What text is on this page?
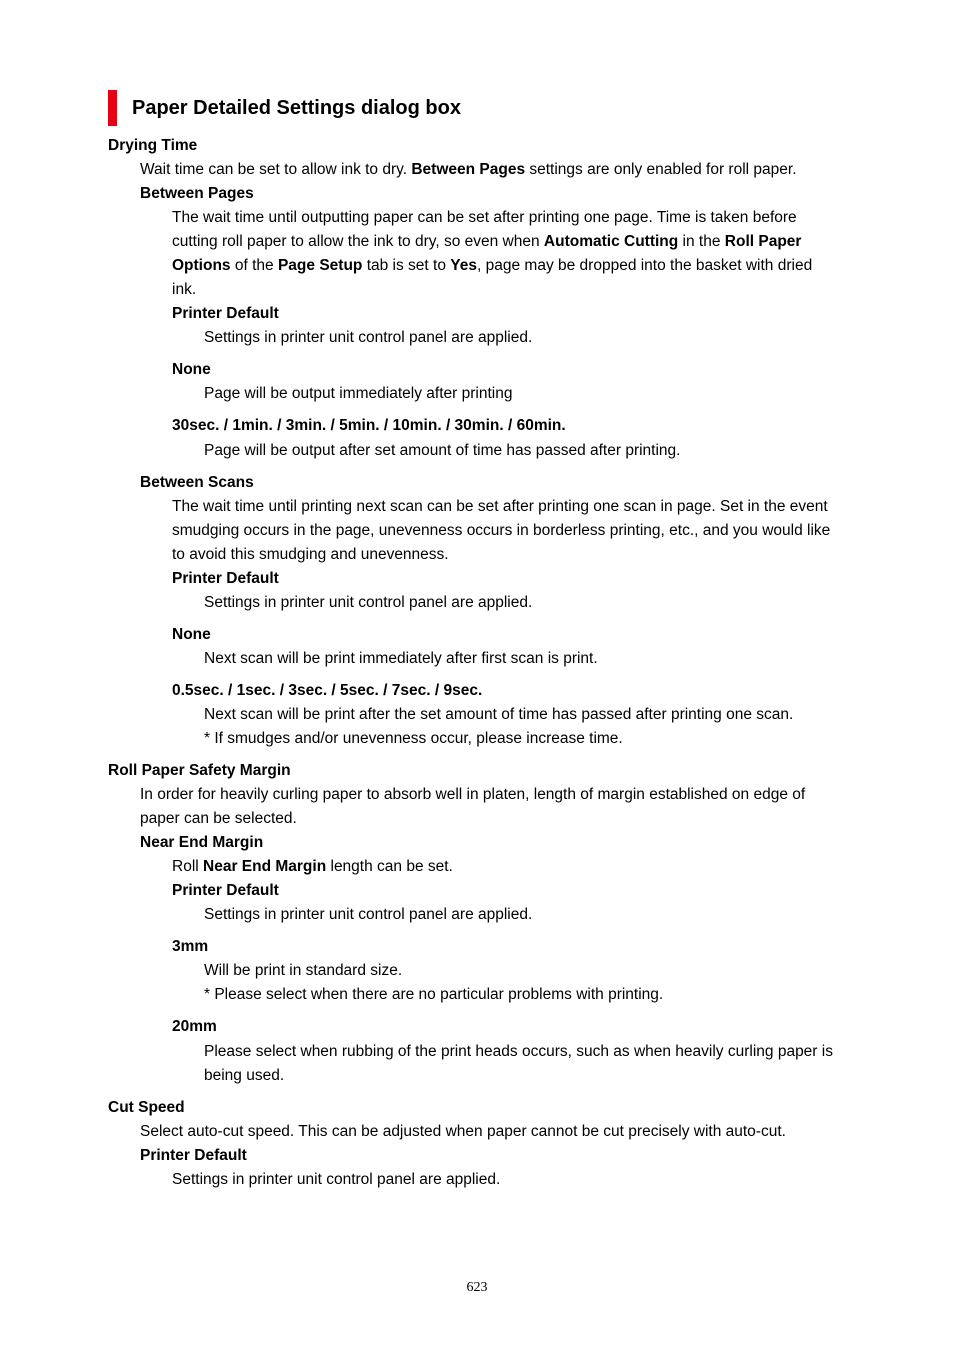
Paper Detailed Settings dialog box
Drying Time
Wait time can be set to allow ink to dry. Between Pages settings are only enabled for roll paper.
Between Pages
The wait time until outputting paper can be set after printing one page. Time is taken before
cutting roll paper to allow the ink to dry, so even when Automatic Cutting in the Roll Paper
Options of the Page Setup tab is set to Yes, page may be dropped into the basket with dried
ink.
Printer Default
Settings in printer unit control panel are applied.
None
Page will be output immediately after printing
30sec. / 1min. / 3min. / 5min. / 10min. / 30min. / 60min.
Page will be output after set amount of time has passed after printing.
Between Scans
The wait time until printing next scan can be set after printing one scan in page. Set in the event
smudging occurs in the page, unevenness occurs in borderless printing, etc., and you would like
to avoid this smudging and unevenness.
Printer Default
Settings in printer unit control panel are applied.
None
Next scan will be print immediately after first scan is print.
0.5sec. / 1sec. / 3sec. / 5sec. / 7sec. / 9sec.
Next scan will be print after the set amount of time has passed after printing one scan.
* If smudges and/or unevenness occur, please increase time.
Roll Paper Safety Margin
In order for heavily curling paper to absorb well in platen, length of margin established on edge of
paper can be selected.
Near End Margin
Roll Near End Margin length can be set.
Printer Default
Settings in printer unit control panel are applied.
3mm
Will be print in standard size.
* Please select when there are no particular problems with printing.
20mm
Please select when rubbing of the print heads occurs, such as when heavily curling paper is
being used.
Cut Speed
Select auto-cut speed. This can be adjusted when paper cannot be cut precisely with auto-cut.
Printer Default
Settings in printer unit control panel are applied.
623
